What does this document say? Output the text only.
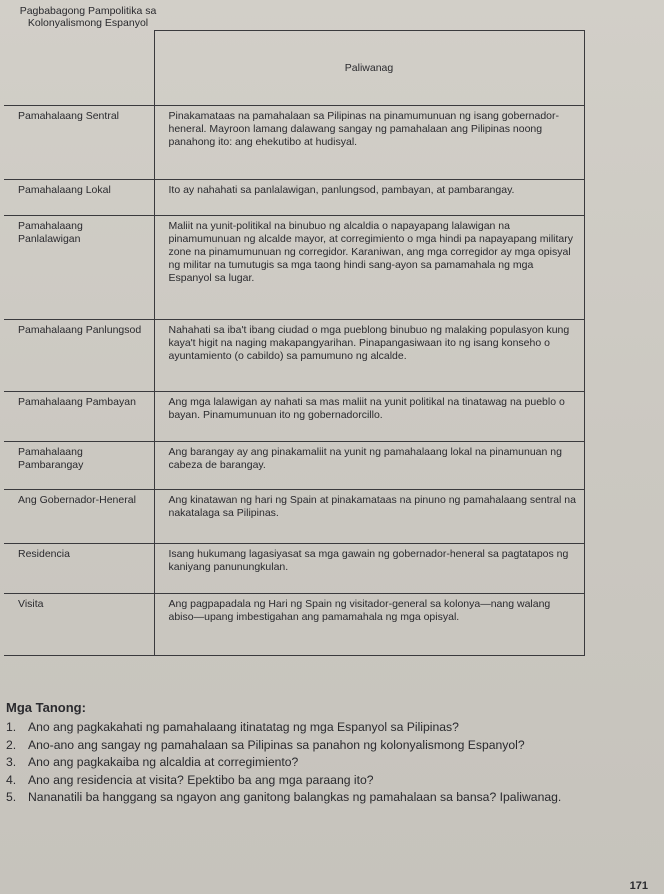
Pagbabagong Pampolitika sa Kolonyalismong Espanyol	Paliwanag
Pamahalaang Sentral	Pinakamataas na pamahalaan sa Pilipinas na pinamumunuan ng isang gobernador-heneral. Mayroon lamang dalawang sangay ng pamahalaan ang Pilipinas noong panahong ito: ang ehekutibo at hudisyal.
Pamahalaang Lokal	Ito ay nahahati sa panlalawigan, panlungsod, pambayan, at pambarangay.
Pamahalaang Panlalawigan	Maliit na yunit-politikal na binubuo ng alcaldia o napayapang lalawigan na pinamumunuan ng alcalde mayor, at corregimiento o mga hindi pa napayapang military zone na pinamumunuan ng corregidor. Karaniwan, ang mga corregidor ay mga opisyal ng militar na tumutugis sa mga taong hindi sang-ayon sa pamamahala ng mga Espanyol sa lugar.
Pamahalaang Panlungsod	Nahahati sa iba't ibang ciudad o mga pueblong binubuo ng malaking populasyon kung kaya't higit na naging makapangyarihan. Pinapangasiwaan ito ng isang konseho o ayuntamiento (o cabildo) sa pamumuno ng alcalde.
Pamahalaang Pambayan	Ang mga lalawigan ay nahati sa mas maliit na yunit politikal na tinatawag na pueblo o bayan. Pinamumunuan ito ng gobernadorcillo.
Pamahalaang Pambarangay	Ang barangay ay ang pinakamaliit na yunit ng pamahalaang lokal na pinamunuan ng cabeza de barangay.
Ang Gobernador-Heneral	Ang kinatawan ng hari ng Spain at pinakamataas na pinuno ng pamahalaang sentral na nakatalaga sa Pilipinas.
Residencia	Isang hukumang lagasiyasat sa mga gawain ng gobernador-heneral sa pagtatapos ng kaniyang panunungkulan.
Visita	Ang pagpapadala ng Hari ng Spain ng visitador-general sa kolonya—nang walang abiso—upang imbestigahan ang pamamahala ng mga opisyal.
Mga Tanong:
1. Ano ang pagkakahati ng pamahalaang itinatatag ng mga Espanyol sa Pilipinas?
2. Ano-ano ang sangay ng pamahalaan sa Pilipinas sa panahon ng kolonyalismong Espanyol?
3. Ano ang pagkakaiba ng alcaldia at corregimiento?
4. Ano ang residencia at visita? Epektibo ba ang mga paraang ito?
5. Nananatili ba hanggang sa ngayon ang ganitong balangkas ng pamahalaan sa bansa? Ipaliwanag.
171
